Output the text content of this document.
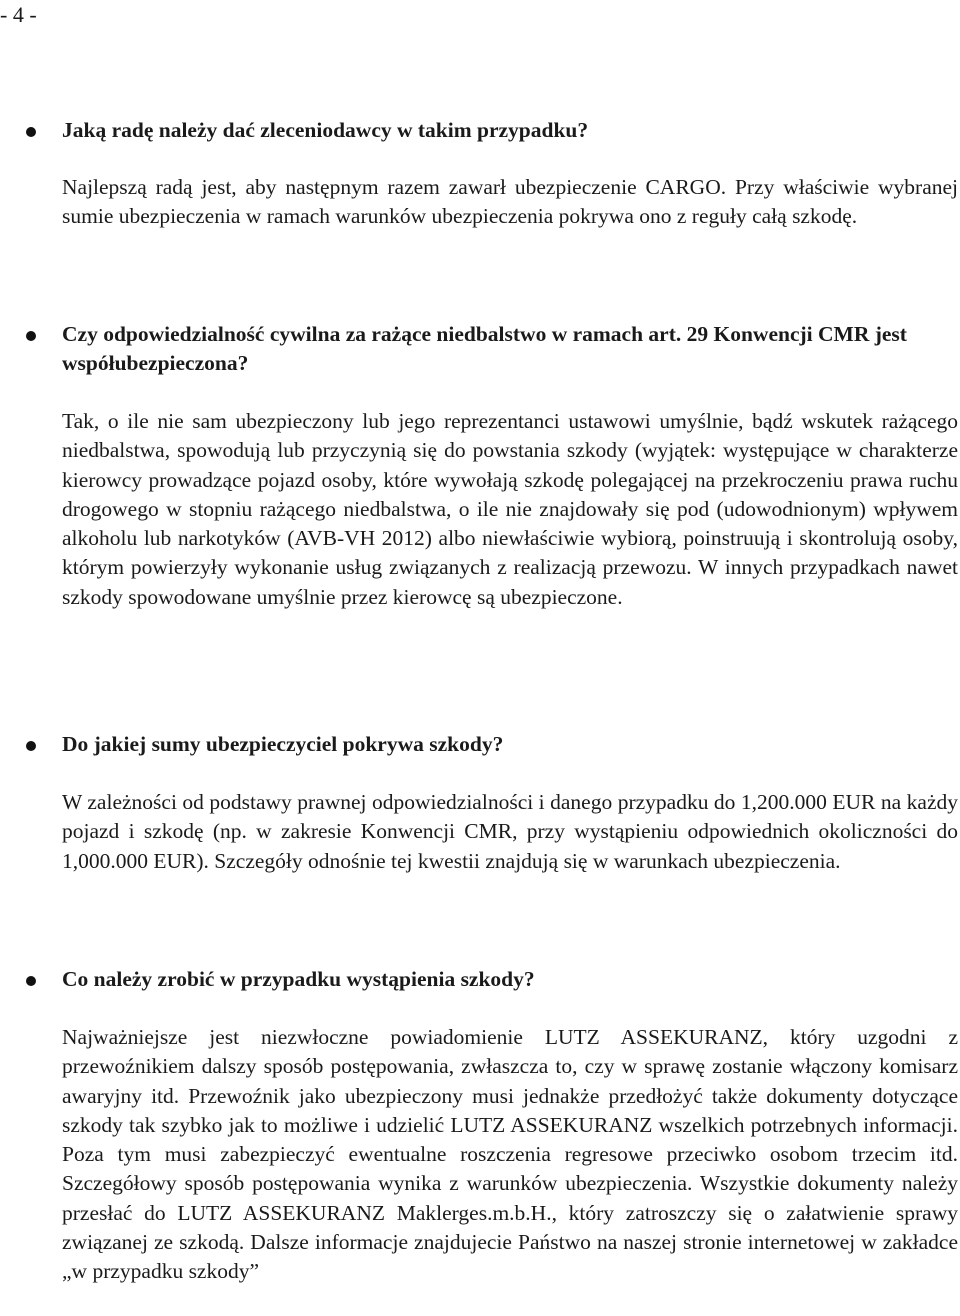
- 4 -
Jaką radę należy dać zleceniodawcy w takim przypadku?
Najlepszą radą jest, aby następnym razem zawarł ubezpieczenie CARGO. Przy właściwie wybranej sumie ubezpieczenia w ramach warunków ubezpieczenia pokrywa ono z reguły całą szkodę.
Czy odpowiedzialność cywilna za rażące niedbalstwo w ramach art. 29 Konwencji CMR jest współubezpieczona?
Tak, o ile nie sam ubezpieczony lub jego reprezentanci ustawowi umyślnie, bądź wskutek rażącego niedbalstwa, spowodują lub przyczynią się do powstania szkody (wyjątek: występujące w charakterze kierowcy prowadzące pojazd osoby, które wywołają szkodę polegającej na przekroczeniu prawa ruchu drogowego w stopniu rażącego niedbalstwa, o ile nie znajdowały się pod (udowodnionym) wpływem alkoholu lub narkotyków (AVB-VH 2012) albo niewłaściwie wybiorą, poinstruują i skontrolują osoby, którym powierzyły wykonanie usług związanych z realizacją przewozu. W innych przypadkach nawet szkody spowodowane umyślnie przez kierowcę są ubezpieczone.
Do jakiej sumy ubezpieczyciel pokrywa szkody?
W zależności od podstawy prawnej odpowiedzialności i danego przypadku do 1,200.000 EUR na każdy pojazd i szkodę (np. w zakresie Konwencji CMR, przy wystąpieniu odpowiednich okoliczności do 1,000.000 EUR). Szczegóły odnośnie tej kwestii znajdują się w warunkach ubezpieczenia.
Co należy zrobić w przypadku wystąpienia szkody?
Najważniejsze jest niezwłoczne powiadomienie LUTZ ASSEKURANZ, który uzgodni z przewoźnikiem dalszy sposób postępowania, zwłaszcza to, czy w sprawę zostanie włączony komisarz awaryjny itd. Przewoźnik jako ubezpieczony musi jednakże przedłożyć także dokumenty dotyczące szkody tak szybko jak to możliwe i udzielić LUTZ ASSEKURANZ wszelkich potrzebnych informacji. Poza tym musi zabezpieczyć ewentualne roszczenia regresowe przeciwko osobom trzecim itd. Szczegółowy sposób postępowania wynika z warunków ubezpieczenia. Wszystkie dokumenty należy przesłać do LUTZ ASSEKURANZ Maklerges.m.b.H., który zatroszczy się o załatwienie sprawy związanej ze szkodą. Dalsze informacje znajdujecie Państwo na naszej stronie internetowej w zakładce „w przypadku szkody”
